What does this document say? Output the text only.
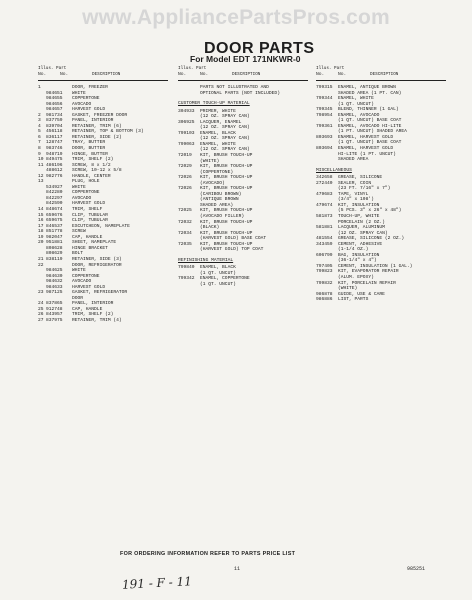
www.AppliancePartsPros.com
DOOR PARTS
For Model EDT 171NKWR-0
Illus. Part
No.	No.	DESCRIPTION
1	DOOR, FREEZER
984651 WHITE
984655 COPPERTONE
984656 AVOCADO
984657 HARVEST GOLD
2	981734 GASKET, FREEZER DOOR
3	837759 PANEL, INTERIOR
4	839704 RETAINER, TRIM (6)
5	456118 RETAINER, TOP & BOTTOM (3)
6	836117 RETAINER, SIDE (2)
7	128747 TRAY, BUTTER
8	983746 DOOR, BUTTER
9	948719 HINGE, BUTTER
10 849475 TRIM, SHELF (2)
11 486196 SCREW, 8 x 1/2
488612 SCREW, 10-12 x 5/8
12 982776 HANDLE, CENTER
13	PLUG, HOLE
534927 WHITE
842280 COPPERTONE
842297 AVOCADO
842590 HARVEST GOLD
14 848674 TRIM, SHELF
15 659676 CLIP, TUBULAR
16 659675 CLIP, TUBULAR
17 846537 ESCUTCHEON, NAMEPLATE
18 851778 SCREW
19 982047 CAP, HANDLE
20 951881 SHEET, NAMEPLATE
808628 HINGE BRACKET
808629 BOLT
21 838119 RETAINER, SIDE (3)
22	DOOR, REFRIGERATOR
984625 WHITE
984630 COPPERTONE
984632 AVOCADO
984633 HARVEST GOLD
23 987125 GASKET, REFRIGERATOR
DOOR
24 837865 PANEL, INTERIOR
25 912748 CAP, HANDLE
26 843957 TRIM, SHELF (2)
27 837975 RETAINER, TRIM (4)
Illus. Part
No.	No.	DESCRIPTION
PARTS NOT ILLUSTRATED AND
OPTIONAL PARTS (NOT INCLUDED)
CUSTOMER TOUCH-UP MATERIAL
304933 PRIMER, WHITE
(12 OZ. SPRAY CAN)
306925 LACQUER, ENAMEL
(12 OZ. SPRAY CAN)
799103 ENAMEL, BLACK
(12 OZ. SPRAY CAN)
799063 ENAMEL, WHITE
(12 OZ. SPRAY CAN)
72019 KIT, BRUSH TOUCH-UP
(WHITE)
72029 KIT, BRUSH TOUCH-UP
(COPPERTONE)
72026 KIT, BRUSH TOUCH-UP
(AVOCADO)
72026 KIT, BRUSH TOUCH-UP
(CARIBOU BROWN)
(ANTIQUE BROWN
SHADED AREA)
72025 KIT, BRUSH TOUCH-UP
(AVOCADO FILLER)
72032 KIT, BRUSH TOUCH-UP
(BLACK)
72034 KIT, BRUSH TOUCH-UP
(HARVEST GOLD) BASE COAT
72035 KIT, BRUSH TOUCH-UP
(HARVEST GOLD) TOP COAT
REFINISHING MATERIAL
799840 ENAMEL, BLACK
(1 QT. UNCUT)
799342 ENAMEL, COPPERTONE
(1 QT. UNCUT)
Illus. Part
No.	No.	DESCRIPTION
799315 ENAMEL, ANTIQUE BROWN
SHADED AREA (1 PT. CAN)
799344 ENAMEL, WHITE
(1 QT. UNCUT)
799345 BLEND, THINNER (1 GAL)
798954 ENAMEL, AVOCADO
(1 QT. UNCUT) BASE COAT
799361 ENAMEL, AVOCADO HI-LITE
(1 PT. UNCUT) SHADED AREA
803693 ENAMEL, HARVEST GOLD
(1 QT. UNCUT) BASE COAT
803694 ENAMEL, HARVEST GOLD
HI-LITE (1 PT. UNCUT)
SHADED AREA
MISCELLANEOUS
342658 GREASE, SILICONE
272440 SEALER, COIN
(23 FT. 7/16" x 7")
479683 TAPE, VINYL
(3/4" x 108')
479674 KIT, INSULATION
(5 PCS. 3" x 26" x 48")
581873 TOUCH-UP, WHITE
PORCELAIN (2 OZ.)
581881 LACQUER, ALUMINUM
(12 OZ. SPRAY CAN)
481554 GREASE, SILICONE (2 OZ.)
343459 CEMENT, ADHESIVE
(1-1/4 OZ.)
606799 BAG, INSULATION
(36-1/4" x 4")
797405 CEMENT, INSULATION (1 GAL.)
799823 KIT, EVAPORATOR REPAIR
(ALUM. EPOXY)
799832 KIT, PORCELAIN REPAIR
(WHITE)
986878 GUIDE, USE & CARE
986886 LIST, PARTS
FOR ORDERING INFORMATION REFER TO PARTS PRICE LIST
11	985251
191 - F - 11
